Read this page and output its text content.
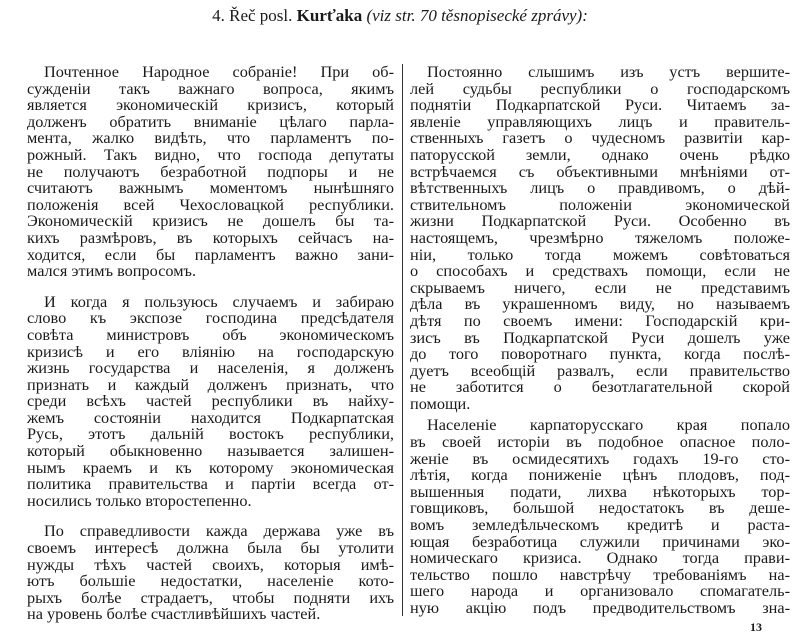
4. Řeč posl. Kurťaka (viz str. 70 těsnopisecké zprávy):
Почтенное Народное собраніе! При об-
сужденіи такъ важнаго вопроса, якимъ
является экономическій кризисъ, который
долженъ обратить вниманіе цѣлаго парла-
мента, жалко видѣть, что парламентъ по-
рожный. Такъ видно, что господа депутаты
не получаютъ безработной подпоры и не
считаютъ важнымъ моментомъ нынѣшняго
положенія всей Чехословацкой республики.
Экономическій кризисъ не дошелъ бы та-
кихъ размѣровъ, въ которыхъ сейчасъ на-
ходится, если бы парламентъ важно зани-
мался этимъ вопросомъ.
И когда я пользуюсь случаемъ и забираю
слово къ экспозе господина предсѣдателя
совѣта министровъ объ экономическомъ
кризисѣ и его вліянію на господарскую
жизнь государства и населенія, я долженъ
признать и каждый долженъ признать, что
среди всѣхъ частей республики въ найху-
жемъ состояніи находится Подкарпатская
Русь, этотъ дальній востокъ республики,
который обыкновенно называется залишен-
нымъ краемъ и къ которому экономическая
политика правительства и партіи всегда от-
носились только второстепенно.
По справедливости кажда держава уже въ
своемъ интересѣ должна была бы утолити
нужды тѣхъ частей своихъ, которыя имѣ-
ютъ большіе недостатки, населеніе кото-
рыхъ болѣе страдаетъ, чтобы подняти ихъ
на уровень болѣе счастливѣйшихъ частей.
Постоянно слышимъ изъ устъ вершите-
лей судьбы республики о господарскомъ
поднятіи Подкарпатской Руси. Читаемъ за-
явленіе управляющихъ лицъ и правитель-
ственныхъ газетъ о чудесномъ развитіи кар-
паторусской земли, однако очень рѣдко
встрѣчаемся съ объективными мнѣніями от-
вѣтственныхъ лицъ о правдивомъ, о дѣй-
ствительномъ положеніи экономической
жизни Подкарпатской Руси. Особенно въ
настоящемъ, чрезмѣрно тяжеломъ положе-
ніи, только тогда можемъ совѣтоваться
о способахъ и средствахъ помощи, если не
скрываемъ ничего, если не представимъ
дѣла въ украшенномъ виду, но называемъ
дѣтя по своемъ имени: Господарскій кри-
зисъ въ Подкарпатской Руси дошелъ уже
до того поворотнаго пункта, когда послѣ-
дуетъ всеобщій развалъ, если правительство
не заботится о безотлагательной скорой
помощи.
Населеніе карпаторусскаго края попало
въ своей исторіи въ подобное опасное поло-
женіе въ осмидесятихъ годахъ 19-го сто-
лѣтія, когда пониженіе цѣнъ плодовъ, под-
вышенныя подати, лихва нѣкоторыхъ тор-
говщиковъ, большой недостатокъ въ деше-
вомъ земледѣльческомъ кредитѣ и раста-
ющая безработица служили причинами эко-
номическаго кризиса. Однако тогда прави-
тельство пошло навстрѣчу требованіямъ на-
шего народа и организовало спомагатель-
ную акцію подъ предводительствомъ зна-
13
